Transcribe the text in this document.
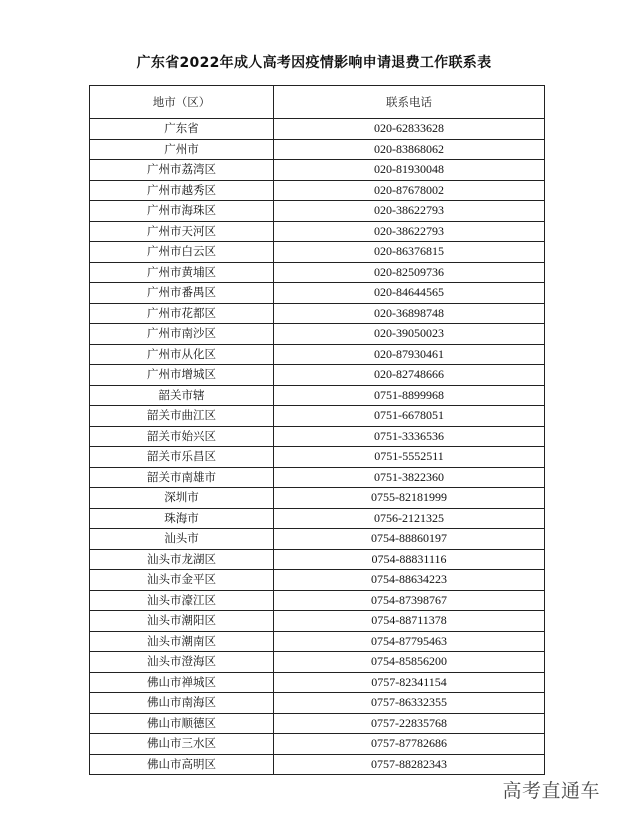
广东省2022年成人高考因疫情影响申请退费工作联系表
地市（区）	联系电话
广东省	020-62833628
广州市	020-83868062
广州市荔湾区	020-81930048
广州市越秀区	020-87678002
广州市海珠区	020-38622793
广州市天河区	020-38622793
广州市白云区	020-86376815
广州市黄埔区	020-82509736
广州市番禺区	020-84644565
广州市花都区	020-36898748
广州市南沙区	020-39050023
广州市从化区	020-87930461
广州市增城区	020-82748666
韶关市辖	0751-8899968
韶关市曲江区	0751-6678051
韶关市始兴区	0751-3336536
韶关市乐昌区	0751-5552511
韶关市南雄市	0751-3822360
深圳市	0755-82181999
珠海市	0756-2121325
汕头市	0754-88860197
汕头市龙湖区	0754-88831116
汕头市金平区	0754-88634223
汕头市濠江区	0754-87398767
汕头市潮阳区	0754-88711378
汕头市潮南区	0754-87795463
汕头市澄海区	0754-85856200
佛山市禅城区	0757-82341154
佛山市南海区	0757-86332355
佛山市顺德区	0757-22835768
佛山市三水区	0757-87782686
佛山市高明区	0757-88282343
高考直通车
